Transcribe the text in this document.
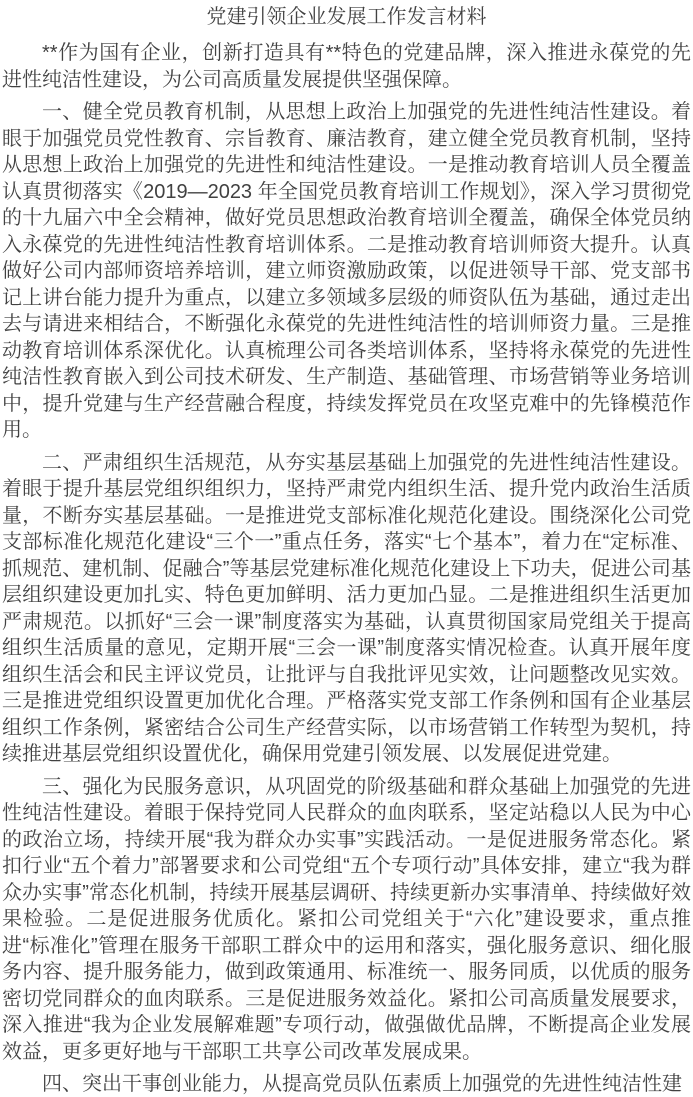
党建引领企业发展工作发言材料

**作为国有企业，创新打造具有**特色的党建品牌，深入推进永葆党的先进性纯洁性建设，为公司高质量发展提供坚强保障。

一、健全党员教育机制，从思想上政治上加强党的先进性纯洁性建设。着眼于加强党员党性教育、宗旨教育、廉洁教育，建立健全党员教育机制，坚持从思想上政治上加强党的先进性和纯洁性建设。一是推动教育培训人员全覆盖认真贯彻落实《2019—2023 年全国党员教育培训工作规划》，深入学习贯彻党的十九届六中全会精神，做好党员思想政治教育培训全覆盖，确保全体党员纳入永葆党的先进性纯洁性教育培训体系。二是推动教育培训师资大提升。认真做好公司内部师资培养培训，建立师资激励政策，以促进领导干部、党支部书记上讲台能力提升为重点，以建立多领域多层级的师资队伍为基础，通过走出去与请进来相结合，不断强化永葆党的先进性纯洁性的培训师资力量。三是推动教育培训体系深优化。认真梳理公司各类培训体系，坚持将永葆党的先进性纯洁性教育嵌入到公司技术研发、生产制造、基础管理、市场营销等业务培训中，提升党建与生产经营融合程度，持续发挥党员在攻坚克难中的先锋模范作用。

二、严肃组织生活规范，从夯实基层基础上加强党的先进性纯洁性建设。着眼于提升基层党组织组织力，坚持严肃党内组织生活、提升党内政治生活质量，不断夯实基层基础。一是推进党支部标准化规范化建设。围绕深化公司党支部标准化规范化建设“三个一”重点任务，落实“七个基本”，着力在“定标准、抓规范、建机制、促融合”等基层党建标准化规范化建设上下功夫，促进公司基层组织建设更加扎实、特色更加鲜明、活力更加凸显。二是推进组织生活更加严肃规范。以抓好“三会一课”制度落实为基础，认真贯彻国家局党组关于提高组织生活质量的意见，定期开展“三会一课”制度落实情况检查。认真开展年度组织生活会和民主评议党员，让批评与自我批评见实效，让问题整改见实效。三是推进党组织设置更加优化合理。严格落实党支部工作条例和国有企业基层组织工作条例，紧密结合公司生产经营实际，以市场营销工作转型为契机，持续推进基层党组织设置优化，确保用党建引领发展、以发展促进党建。

三、强化为民服务意识，从巩固党的阶级基础和群众基础上加强党的先进性纯洁性建设。着眼于保持党同人民群众的血肉联系，坚定站稳以人民为中心的政治立场，持续开展“我为群众办实事”实践活动。一是促进服务常态化。紧扣行业“五个着力”部署要求和公司党组“五个专项行动”具体安排，建立“我为群众办实事”常态化机制，持续开展基层调研、持续更新办实事清单、持续做好效果检验。二是促进服务优质化。紧扣公司党组关于“六化”建设要求，重点推进“标准化”管理在服务干部职工群众中的运用和落实，强化服务意识、细化服务内容、提升服务能力，做到政策通用、标准统一、服务同质，以优质的服务密切党同群众的血肉联系。三是促进服务效益化。紧扣公司高质量发展要求，深入推进“我为企业发展解难题”专项行动，做强做优品牌，不断提高企业发展效益，更多更好地与干部职工共享公司改革发展成果。

四、突出干事创业能力，从提高党员队伍素质上加强党的先进性纯洁性建
